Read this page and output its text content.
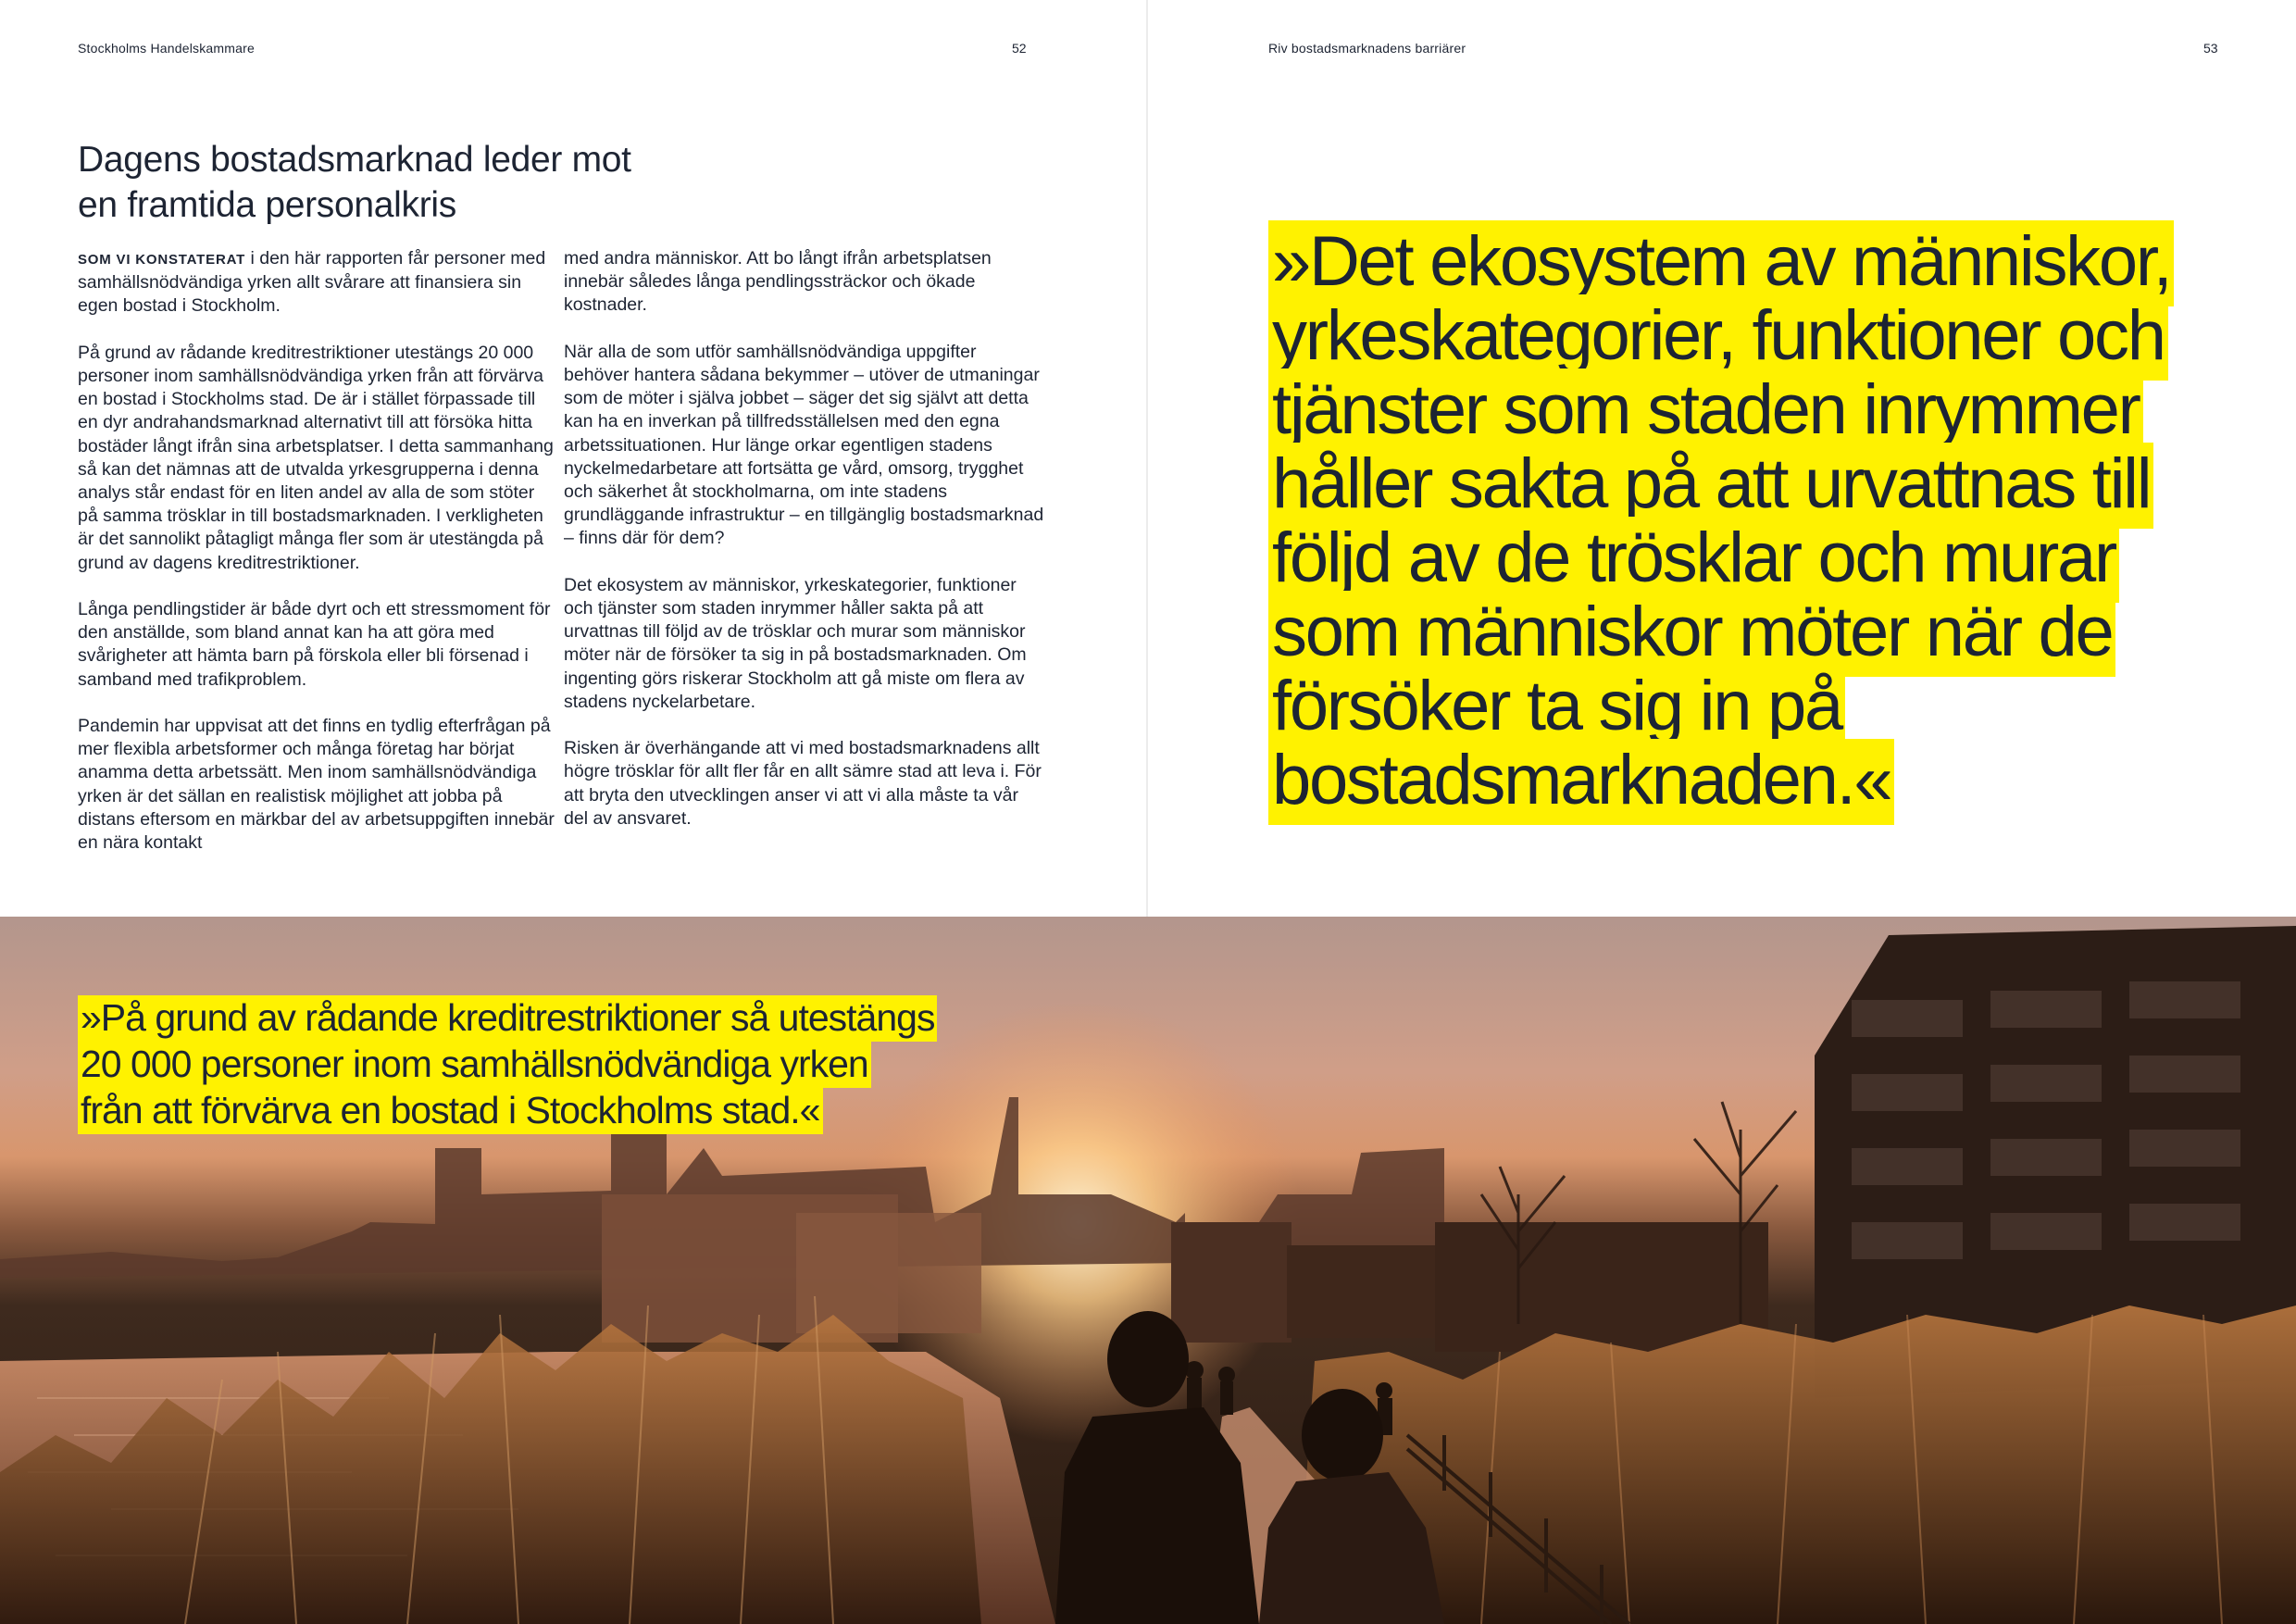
Stockholms Handelskammare	52
Dagens bostadsmarknad leder mot en framtida personalkris

SOM VI KONSTATERAT i den här rapporten får personer med samhällsnödvändiga yrken allt svårare att finansiera sin egen bostad i Stockholm.

På grund av rådande kreditrestriktioner utestängs 20 000 personer inom samhällsnödvändiga yrken från att förvärva en bostad i Stockholms stad. De är i stället förpassade till en dyr andrahandsmarknad alternativt till att försöka hitta bostäder långt ifrån sina arbetsplatser. I detta sammanhang så kan det nämnas att de utvalda yrkesgrupperna i denna analys står endast för en liten andel av alla de som stöter på samma trösklar in till bostadsmarknaden. I verkligheten är det sannolikt påtagligt många fler som är utestängda på grund av dagens kreditrestriktioner.

Långa pendlingstider är både dyrt och ett stressmoment för den anställde, som bland annat kan ha att göra med svårigheter att hämta barn på förskola eller bli försenad i samband med trafikproblem.

Pandemin har uppvisat att det finns en tydlig efterfrågan på mer flexibla arbetsformer och många företag har börjat anamma detta arbetssätt. Men inom samhällsnödvändiga yrken är det sällan en realistisk möjlighet att jobba på distans eftersom en märkbar del av arbetsuppgiften innebär en nära kontakt

med andra människor. Att bo långt ifrån arbetsplatsen innebär således långa pendlingssträckor och ökade kostnader.

När alla de som utför samhällsnödvändiga uppgifter behöver hantera sådana bekymmer – utöver de utmaningar som de möter i själva jobbet – säger det sig självt att detta kan ha en inverkan på tillfredsställelsen med den egna arbetssituationen. Hur länge orkar egentligen stadens nyckelmedarbetare att fortsätta ge vård, omsorg, trygghet och säkerhet åt stockholmarna, om inte stadens grundläggande infrastruktur – en tillgänglig bostadsmarknad – finns där för dem?

Det ekosystem av människor, yrkeskategorier, funktioner och tjänster som staden inrymmer håller sakta på att urvattnas till följd av de trösklar och murar som människor möter när de försöker ta sig in på bostadsmarknaden. Om ingenting görs riskerar Stockholm att gå miste om flera av stadens nyckelarbetare.

Risken är överhängande att vi med bostadsmarknadens allt högre trösklar för allt fler får en allt sämre stad att leva i. För att bryta den utvecklingen anser vi att vi alla måste ta vår del av ansvaret.

Riv bostadsmarknadens barriärer	53

»Det ekosystem av människor, yrkeskategorier, funktioner och tjänster som staden inrymmer håller sakta på att urvattnas till följd av de trösklar och murar som människor möter när de försöker ta sig in på bostadsmarknaden.«

»På grund av rådande kreditrestriktioner så utestängs 20 000 personer inom samhällsnödvändiga yrken från att förvärva en bostad i Stockholms stad.«
